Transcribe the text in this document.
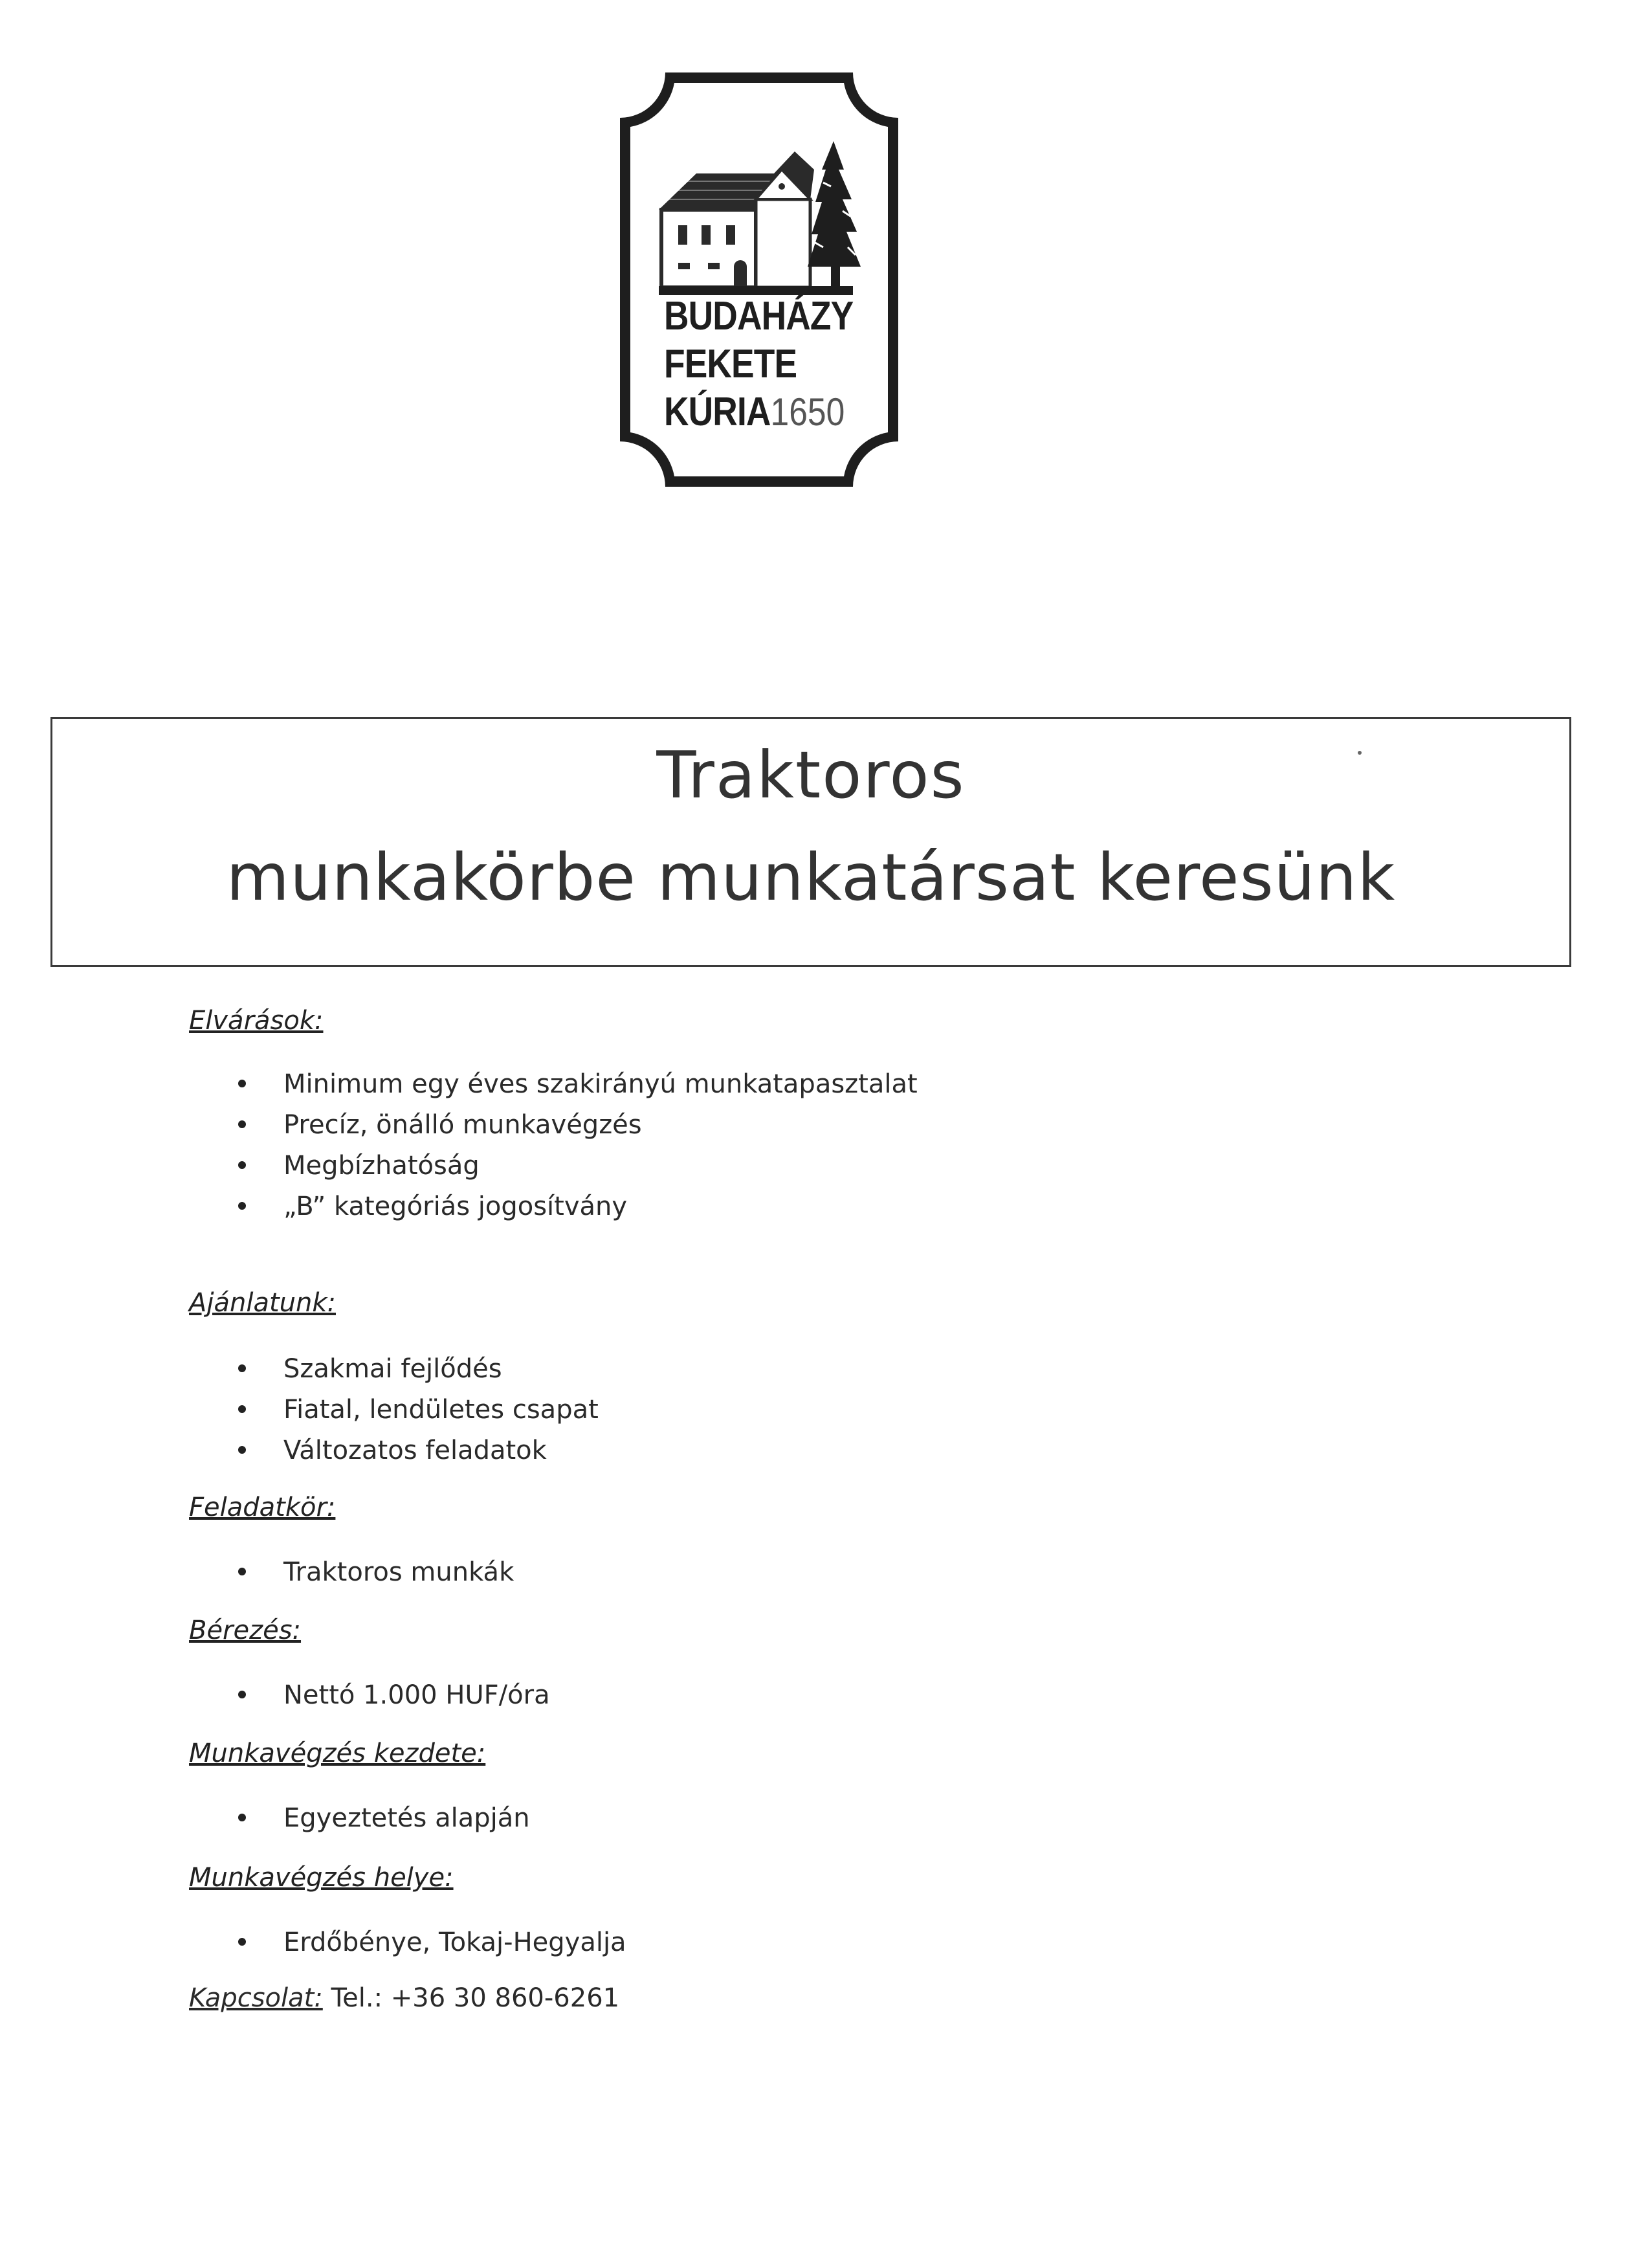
BUDAHÁZY
FEKETE
KÚRIA1650
Traktoros
munkakörbe munkatársat keresünk
Elvárások:
Minimum egy éves szakirányú munkatapasztalat
Precíz, önálló munkavégzés
Megbízhatóság
„B” kategóriás jogosítvány
Ajánlatunk:
Szakmai fejlődés
Fiatal, lendületes csapat
Változatos feladatok
Feladatkör:
Traktoros munkák
Bérezés:
Nettó 1.000 HUF/óra
Munkavégzés kezdete:
Egyeztetés alapján
Munkavégzés helye:
Erdőbénye, Tokaj-Hegyalja
Kapcsolat: Tel.: +36 30 860-6261
